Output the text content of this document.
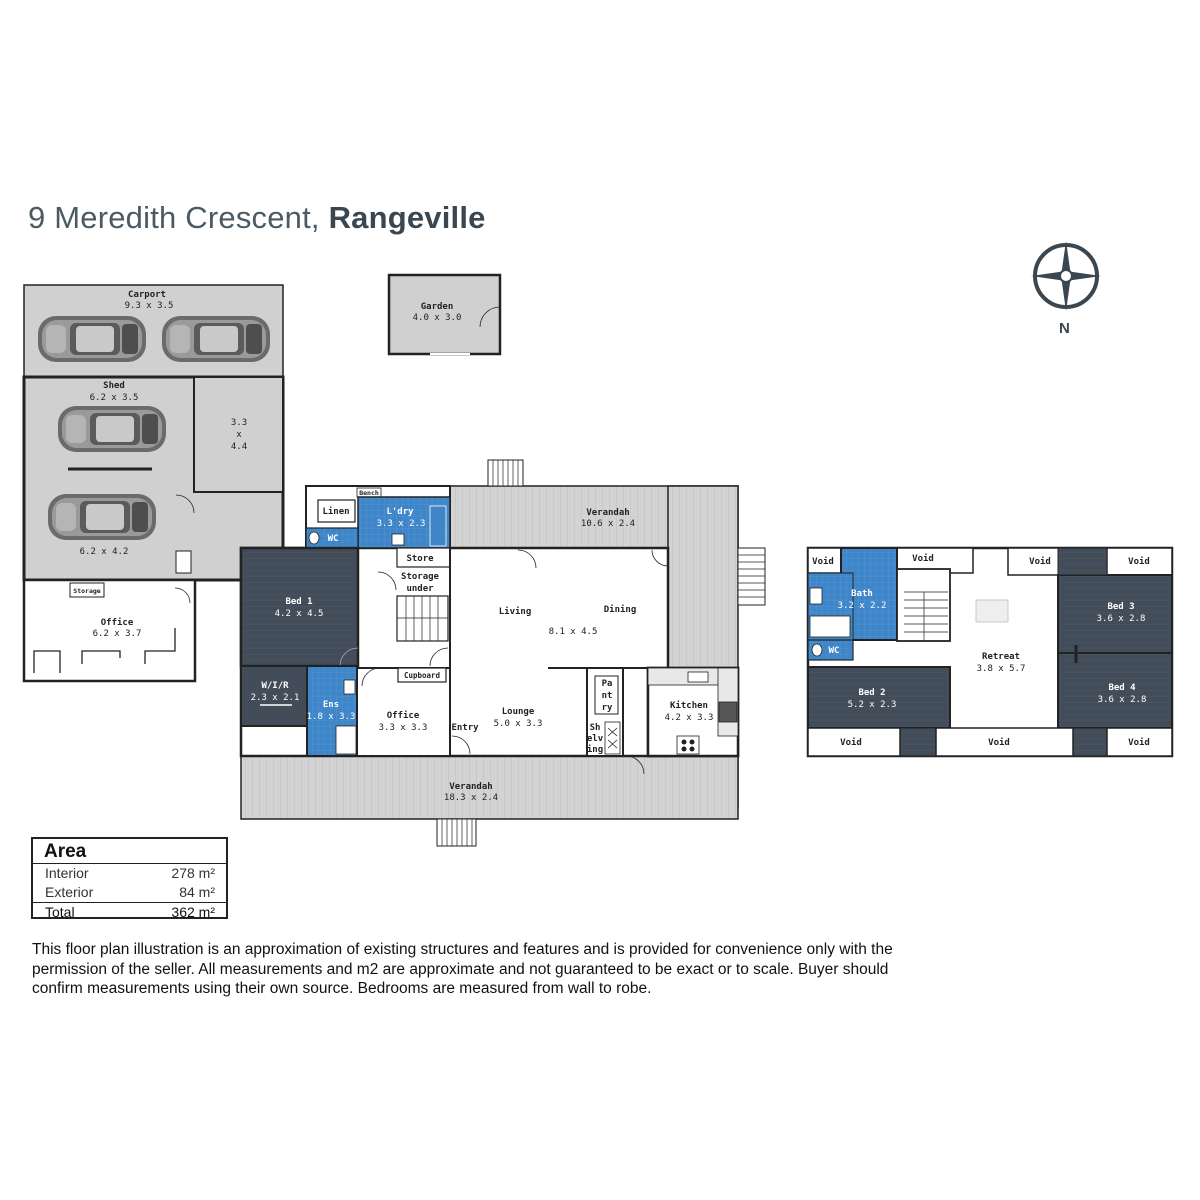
9 Meredith Crescent, Rangeville
Carport
9.3 x 3.5
Shed
6.2 x 3.5
3.3
x
4.4
6.2 x 4.2
Storage
Office
6.2 x 3.7
Garden
4.0 x 3.0
Verandah
10.6 x 2.4
Verandah
18.3 x 2.4
Bench
Linen	L'dry
3.3 x 2.3
WC
Bed 1
4.2 x 4.5
Store
Storage
under
Living	Dining
8.1 x 4.5
W/I/R
2.3 x 2.1
Ens
1.8 x 3.3
Cupboard
Office
3.3 x 3.3	Entry
Lounge
5.0 x 3.3
Pa
nt
ry
Sh
elv
ing
Kitchen
4.2 x 3.3
Void	Void	Void	Void
Bath
3.2 x 2.2
WC
Retreat
3.8 x 5.7
Bed 3
3.6 x 2.8
Bed 4
3.6 x 2.8
Bed 2
5.2 x 2.3
Void	Void	Void
N
Area
Interior	278 m²
Exterior	84 m²
Total	362 m²
This floor plan illustration is an approximation of existing structures and features and is provided for convenience only with the permission of the seller. All measurements and m2 are approximate and not guaranteed to be exact or to scale. Buyer should confirm measurements using their own source. Bedrooms are measured from wall to robe.
